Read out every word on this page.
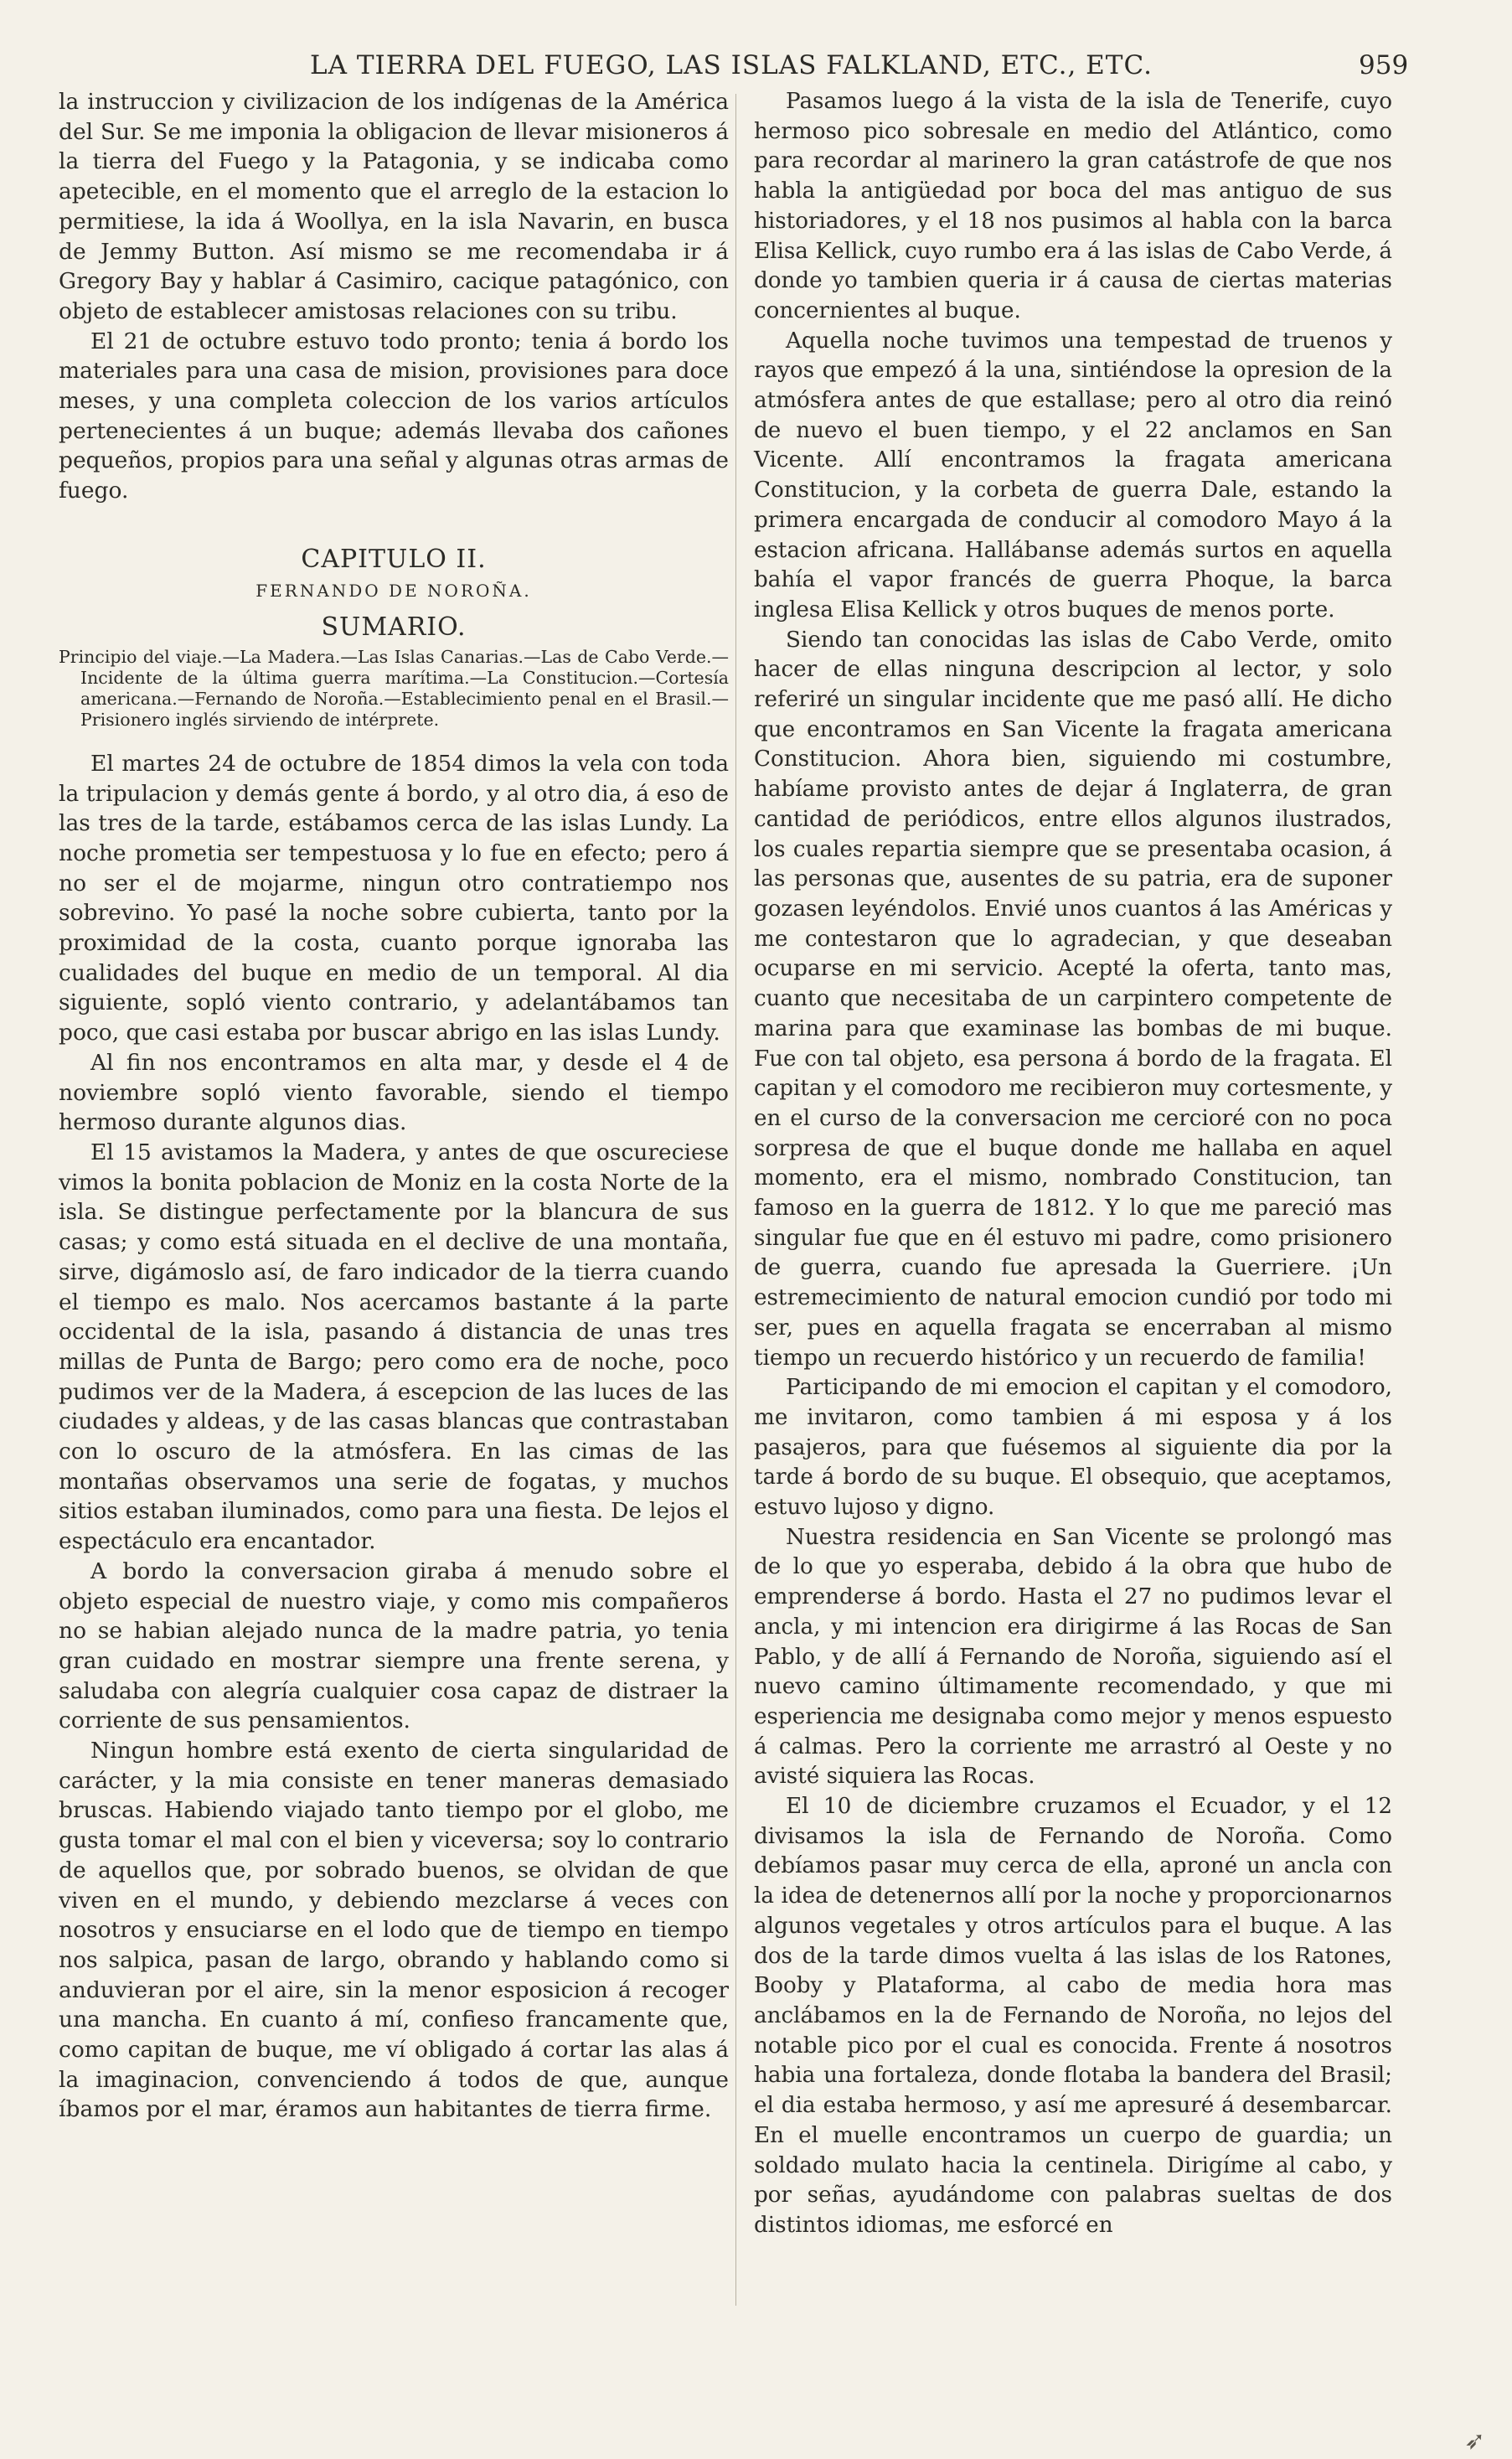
LA TIERRA DEL FUEGO, LAS ISLAS FALKLAND, ETC., ETC.	959

la instruccion y civilizacion de los indígenas de la América del Sur. Se me imponia la obligacion de llevar misioneros á la tierra del Fuego y la Patagonia, y se indicaba como apetecible, en el momento que el arreglo de la estacion lo permitiese, la ida á Woollya, en la isla Navarin, en busca de Jemmy Button. Así mismo se me recomendaba ir á Gregory Bay y hablar á Casimiro, cacique patagónico, con objeto de establecer amistosas relaciones con su tribu.

El 21 de octubre estuvo todo pronto; tenia á bordo los materiales para una casa de mision, provisiones para doce meses, y una completa coleccion de los varios artículos pertenecientes á un buque; además llevaba dos cañones pequeños, propios para una señal y algunas otras armas de fuego.

CAPITULO II.
FERNANDO DE NOROÑA.
SUMARIO.
Principio del viaje.—La Madera.—Las Islas Canarias.—Las de Cabo Verde.—Incidente de la última guerra marítima.—La Constitucion.—Cortesía americana.—Fernando de Noroña.—Establecimiento penal en el Brasil.—Prisionero inglés sirviendo de intérprete.

El martes 24 de octubre de 1854 dimos la vela con toda la tripulacion y demás gente á bordo, y al otro dia, á eso de las tres de la tarde, estábamos cerca de las islas Lundy. La noche prometia ser tempestuosa y lo fue en efecto; pero á no ser el de mojarme, ningun otro contratiempo nos sobrevino. Yo pasé la noche sobre cubierta, tanto por la proximidad de la costa, cuanto porque ignoraba las cualidades del buque en medio de un temporal. Al dia siguiente, sopló viento contrario, y adelantábamos tan poco, que casi estaba por buscar abrigo en las islas Lundy.

Al fin nos encontramos en alta mar, y desde el 4 de noviembre sopló viento favorable, siendo el tiempo hermoso durante algunos dias.

El 15 avistamos la Madera, y antes de que oscureciese vimos la bonita poblacion de Moniz en la costa Norte de la isla. Se distingue perfectamente por la blancura de sus casas; y como está situada en el declive de una montaña, sirve, digámoslo así, de faro indicador de la tierra cuando el tiempo es malo. Nos acercamos bastante á la parte occidental de la isla, pasando á distancia de unas tres millas de Punta de Bargo; pero como era de noche, poco pudimos ver de la Madera, á escepcion de las luces de las ciudades y aldeas, y de las casas blancas que contrastaban con lo oscuro de la atmósfera. En las cimas de las montañas observamos una serie de fogatas, y muchos sitios estaban iluminados, como para una fiesta. De lejos el espectáculo era encantador.

A bordo la conversacion giraba á menudo sobre el objeto especial de nuestro viaje, y como mis compañeros no se habian alejado nunca de la madre patria, yo tenia gran cuidado en mostrar siempre una frente serena, y saludaba con alegría cualquier cosa capaz de distraer la corriente de sus pensamientos.

Ningun hombre está exento de cierta singularidad de carácter, y la mia consiste en tener maneras demasiado bruscas. Habiendo viajado tanto tiempo por el globo, me gusta tomar el mal con el bien y viceversa; soy lo contrario de aquellos que, por sobrado buenos, se olvidan de que viven en el mundo, y debiendo mezclarse á veces con nosotros y ensuciarse en el lodo que de tiempo en tiempo nos salpica, pasan de largo, obrando y hablando como si anduvieran por el aire, sin la menor esposicion á recoger una mancha. En cuanto á mí, confieso francamente que, como capitan de buque, me ví obligado á cortar las alas á la imaginacion, convenciendo á todos de que, aunque íbamos por el mar, éramos aun habitantes de tierra firme.

Pasamos luego á la vista de la isla de Tenerife, cuyo hermoso pico sobresale en medio del Atlántico, como para recordar al marinero la gran catástrofe de que nos habla la antigüedad por boca del mas antiguo de sus historiadores, y el 18 nos pusimos al habla con la barca Elisa Kellick, cuyo rumbo era á las islas de Cabo Verde, á donde yo tambien queria ir á causa de ciertas materias concernientes al buque.

Aquella noche tuvimos una tempestad de truenos y rayos que empezó á la una, sintiéndose la opresion de la atmósfera antes de que estallase; pero al otro dia reinó de nuevo el buen tiempo, y el 22 anclamos en San Vicente. Allí encontramos la fragata americana Constitucion, y la corbeta de guerra Dale, estando la primera encargada de conducir al comodoro Mayo á la estacion africana. Hallábanse además surtos en aquella bahía el vapor francés de guerra Phoque, la barca inglesa Elisa Kellick y otros buques de menos porte.

Siendo tan conocidas las islas de Cabo Verde, omito hacer de ellas ninguna descripcion al lector, y solo referiré un singular incidente que me pasó allí. He dicho que encontramos en San Vicente la fragata americana Constitucion. Ahora bien, siguiendo mi costumbre, habíame provisto antes de dejar á Inglaterra, de gran cantidad de periódicos, entre ellos algunos ilustrados, los cuales repartia siempre que se presentaba ocasion, á las personas que, ausentes de su patria, era de suponer gozasen leyéndolos. Envié unos cuantos á las Américas y me contestaron que lo agradecian, y que deseaban ocuparse en mi servicio. Acepté la oferta, tanto mas, cuanto que necesitaba de un carpintero competente de marina para que examinase las bombas de mi buque. Fue con tal objeto, esa persona á bordo de la fragata. El capitan y el comodoro me recibieron muy cortesmente, y en el curso de la conversacion me cercioré con no poca sorpresa de que el buque donde me hallaba en aquel momento, era el mismo, nombrado Constitucion, tan famoso en la guerra de 1812. Y lo que me pareció mas singular fue que en él estuvo mi padre, como prisionero de guerra, cuando fue apresada la Guerriere. ¡Un estremecimiento de natural emocion cundió por todo mi ser, pues en aquella fragata se encerraban al mismo tiempo un recuerdo histórico y un recuerdo de familia!

Participando de mi emocion el capitan y el comodoro, me invitaron, como tambien á mi esposa y á los pasajeros, para que fuésemos al siguiente dia por la tarde á bordo de su buque. El obsequio, que aceptamos, estuvo lujoso y digno.

Nuestra residencia en San Vicente se prolongó mas de lo que yo esperaba, debido á la obra que hubo de emprenderse á bordo. Hasta el 27 no pudimos levar el ancla, y mi intencion era dirigirme á las Rocas de San Pablo, y de allí á Fernando de Noroña, siguiendo así el nuevo camino últimamente recomendado, y que mi esperiencia me designaba como mejor y menos espuesto á calmas. Pero la corriente me arrastró al Oeste y no avisté siquiera las Rocas.

El 10 de diciembre cruzamos el Ecuador, y el 12 divisamos la isla de Fernando de Noroña. Como debíamos pasar muy cerca de ella, aproné un ancla con la idea de detenernos allí por la noche y proporcionarnos algunos vegetales y otros artículos para el buque. A las dos de la tarde dimos vuelta á las islas de los Ratones, Booby y Plataforma, al cabo de media hora mas anclábamos en la de Fernando de Noroña, no lejos del notable pico por el cual es conocida. Frente á nosotros habia una fortaleza, donde flotaba la bandera del Brasil; el dia estaba hermoso, y así me apresuré á desembarcar. En el muelle encontramos un cuerpo de guardia; un soldado mulato hacia la centinela. Dirigíme al cabo, y por señas, ayudándome con palabras sueltas de dos distintos idiomas, me esforcé en

➶
